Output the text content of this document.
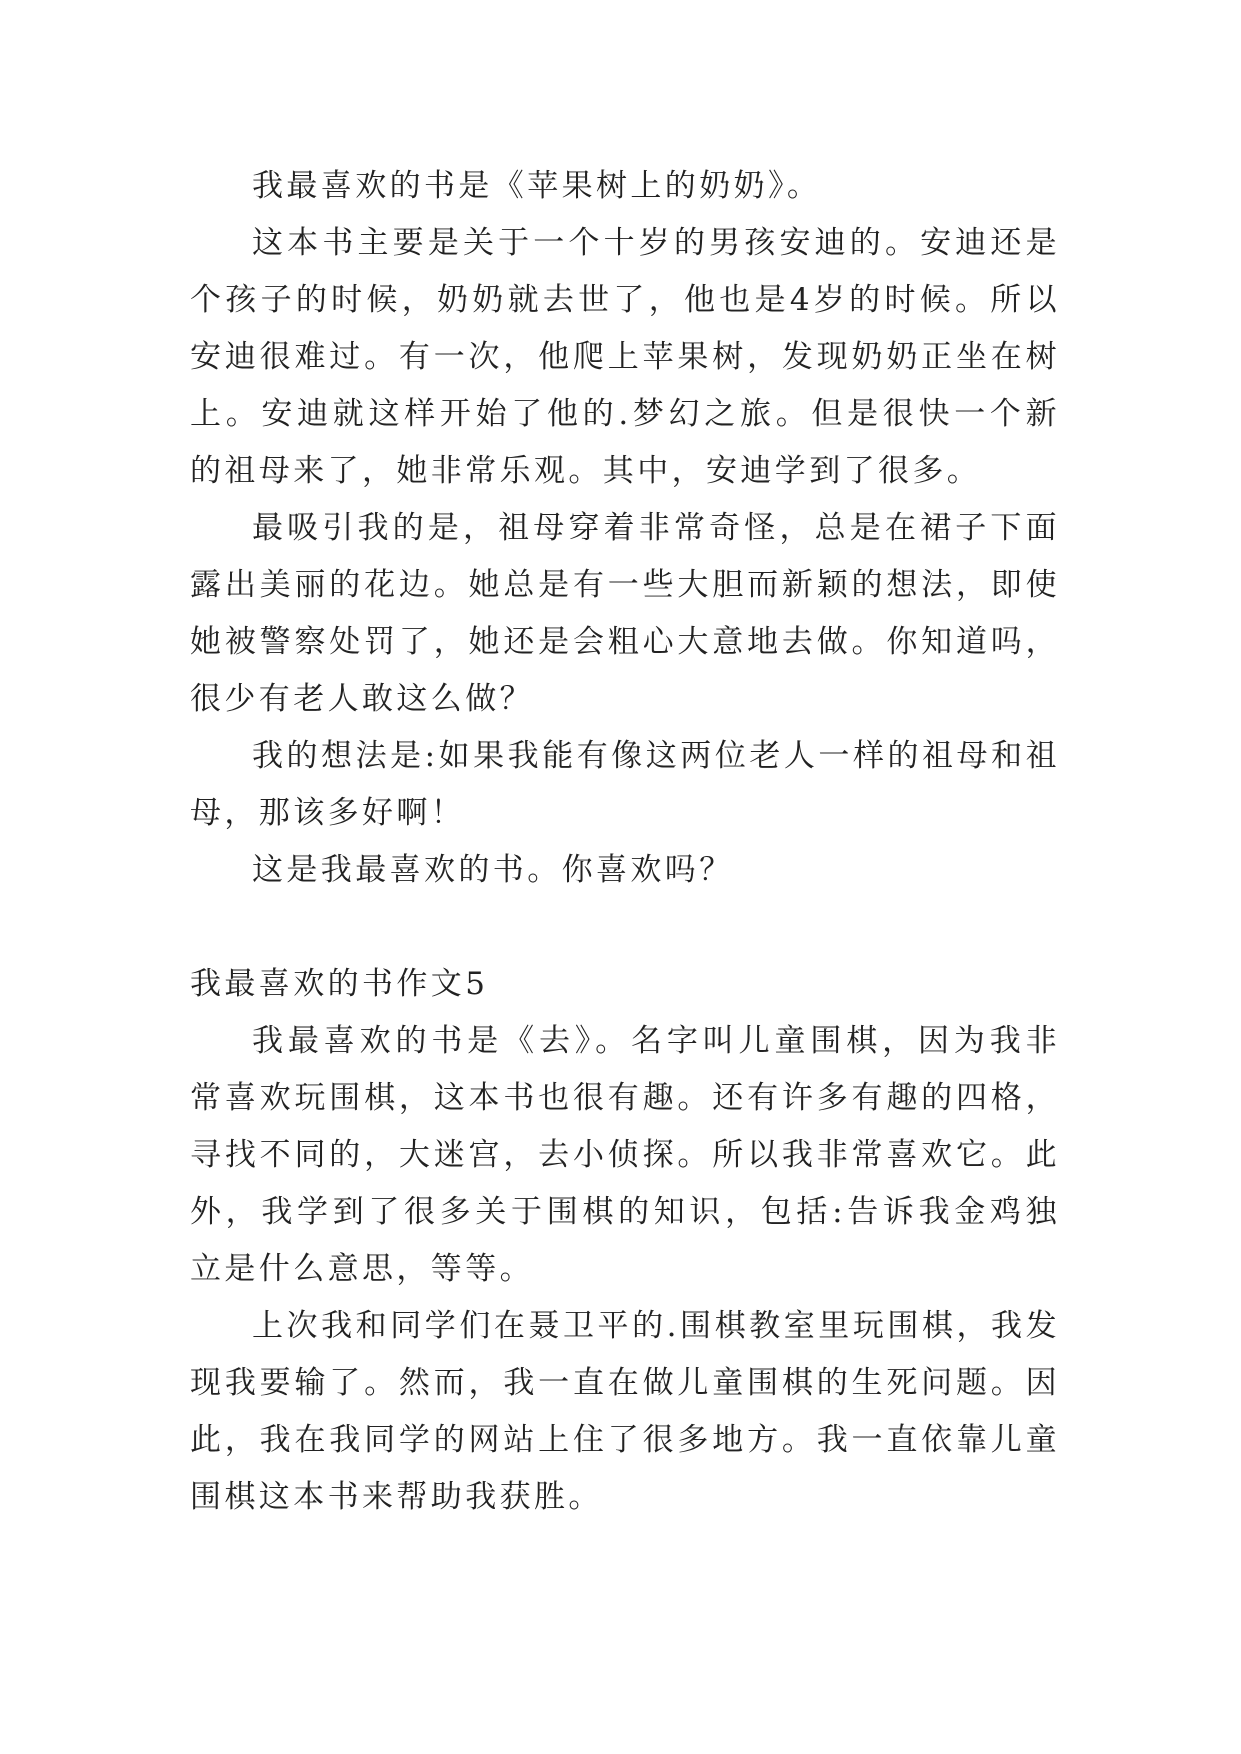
我最喜欢的书是《苹果树上的奶奶》。

这本书主要是关于一个十岁的男孩安迪的。安迪还是个孩子的时候，奶奶就去世了，他也是4岁的时候。所以安迪很难过。有一次，他爬上苹果树，发现奶奶正坐在树上。安迪就这样开始了他的.梦幻之旅。但是很快一个新的祖母来了，她非常乐观。其中，安迪学到了很多。

最吸引我的是，祖母穿着非常奇怪，总是在裙子下面露出美丽的花边。她总是有一些大胆而新颖的想法，即使她被警察处罚了，她还是会粗心大意地去做。你知道吗，很少有老人敢这么做？

我的想法是:如果我能有像这两位老人一样的祖母和祖母，那该多好啊！

这是我最喜欢的书。你喜欢吗？

我最喜欢的书作文5

我最喜欢的书是《去》。名字叫儿童围棋，因为我非常喜欢玩围棋，这本书也很有趣。还有许多有趣的四格，寻找不同的，大迷宫，去小侦探。所以我非常喜欢它。此外，我学到了很多关于围棋的知识，包括:告诉我金鸡独立是什么意思，等等。

上次我和同学们在聂卫平的.围棋教室里玩围棋，我发现我要输了。然而，我一直在做儿童围棋的生死问题。因此，我在我同学的网站上住了很多地方。我一直依靠儿童围棋这本书来帮助我获胜。
